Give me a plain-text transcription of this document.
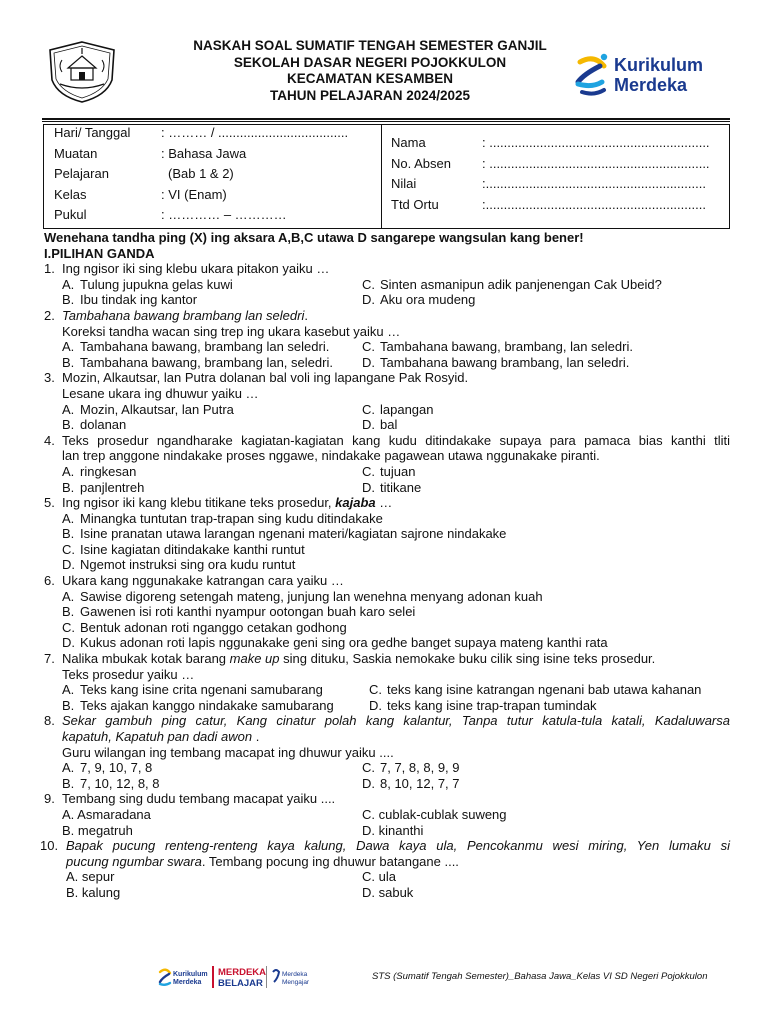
NASKAH SOAL SUMATIF TENGAH SEMESTER GANJIL
SEKOLAH DASAR NEGERI POJOKKULON
KECAMATAN KESAMBEN
TAHUN PELAJARAN 2024/2025
Kurikulum
Merdeka
Hari/ Tanggal : ……… / ....................................
Muatan	: Bahasa Jawa
Pelajaran	(Bab 1 & 2)
Kelas	: VI (Enam)
Pukul	: ………… – …………
Nama	: .............................................................
No. Absen : .............................................................
Nilai	:.............................................................
Ttd Ortu	:.............................................................
Wenehana tandha ping (X) ing aksara A,B,C utawa D sangarepe wangsulan kang bener!
I.PILIHAN GANDA
1. Ing ngisor iki sing klebu ukara pitakon yaiku …
A. Tulung jupukna gelas kuwi	C. Sinten asmanipun adik panjenengan Cak Ubeid?
B. Ibu tindak ing kantor	D. Aku ora mudeng
2. Tambahana bawang brambang lan seledri.
Koreksi tandha wacan sing trep ing ukara kasebut yaiku …
A. Tambahana bawang, brambang lan seledri.	C. Tambahana bawang, brambang, lan seledri.
B. Tambahana bawang, brambang lan, seledri.	D. Tambahana bawang brambang, lan seledri.
3. Mozin, Alkautsar, lan Putra dolanan bal voli ing lapangane Pak Rosyid.
Lesane ukara ing dhuwur yaiku …
A. Mozin, Alkautsar, lan Putra	C. lapangan
B. dolanan	D. bal
4. Teks prosedur ngandharake kagiatan-kagiatan kang kudu ditindakake supaya para pamaca bias kanthi tliti
lan trep anggone nindakake proses nggawe, nindakake pagawean utawa nggunakake piranti.
A. ringkesan	C. tujuan
B. panjlentreh	D. titikane
5. Ing ngisor iki kang klebu titikane teks prosedur, kajaba …
A. Minangka tuntutan trap-trapan sing kudu ditindakake
B. Isine pranatan utawa larangan ngenani materi/kagiatan sajrone nindakake
C. Isine kagiatan ditindakake kanthi runtut
D. Ngemot instruksi sing ora kudu runtut
6. Ukara kang nggunakake katrangan cara yaiku …
A. Sawise digoreng setengah mateng, junjung lan wenehna menyang adonan kuah
B. Gawenen isi roti kanthi nyampur ootongan buah karo selei
C. Bentuk adonan roti nganggo cetakan godhong
D. Kukus adonan roti lapis nggunakake geni sing ora gedhe banget supaya mateng kanthi rata
7. Nalika mbukak kotak barang make up sing dituku, Saskia nemokake buku cilik sing isine teks prosedur.
Teks prosedur yaiku …
A. Teks kang isine crita ngenani samubarang	C. teks kang isine katrangan ngenani bab utawa kahanan
B. Teks ajakan kanggo nindakake samubarang	D. teks kang isine trap-trapan tumindak
8. Sekar gambuh ping catur, Kang cinatur polah kang kalantur, Tanpa tutur katula-tula katali, Kadaluwarsa
kapatuh, Kapatuh pan dadi awon .
Guru wilangan ing tembang macapat ing dhuwur yaiku ....
A. 7, 9, 10, 7, 8	C. 7, 7, 8, 8, 9, 9
B. 7, 10, 12, 8, 8	D. 8, 10, 12, 7, 7
9. Tembang sing dudu tembang macapat yaiku ....
A. Asmaradana	C. cublak-cublak suweng
B. megatruh	D. kinanthi
10. Bapak pucung renteng-renteng kaya kalung, Dawa kaya ula, Pencokanmu wesi miring, Yen lumaku si
pucung ngumbar swara. Tembang pocung ing dhuwur batangane ....
A. sepur	C. ula
B. kalung	D. sabuk
Kurikulum
Merdeka
MERDEKA
BELAJAR
Merdeka
Mengajar
STS (Sumatif Tengah Semester)_Bahasa Jawa_Kelas VI SD Negeri Pojokkulon
